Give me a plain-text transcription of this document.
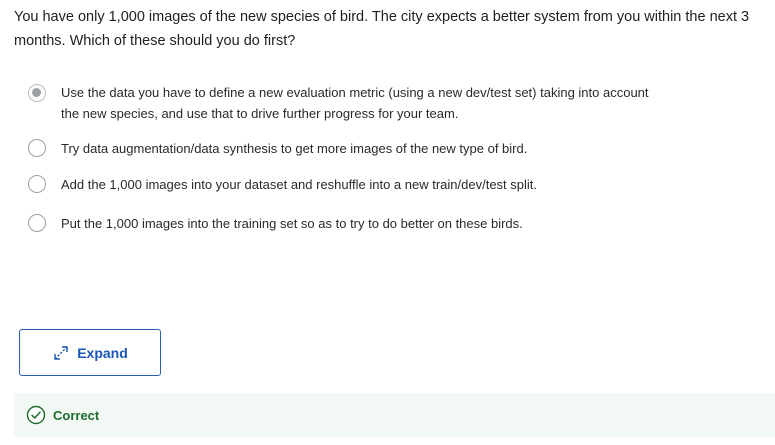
You have only 1,000 images of the new species of bird. The city expects a better system from you within the next 3 months. Which of these should you do first?
Use the data you have to define a new evaluation metric (using a new dev/test set) taking into account the new species, and use that to drive further progress for your team.
Try data augmentation/data synthesis to get more images of the new type of bird.
Add the 1,000 images into your dataset and reshuffle into a new train/dev/test split.
Put the 1,000 images into the training set so as to try to do better on these birds.
Expand
Correct
